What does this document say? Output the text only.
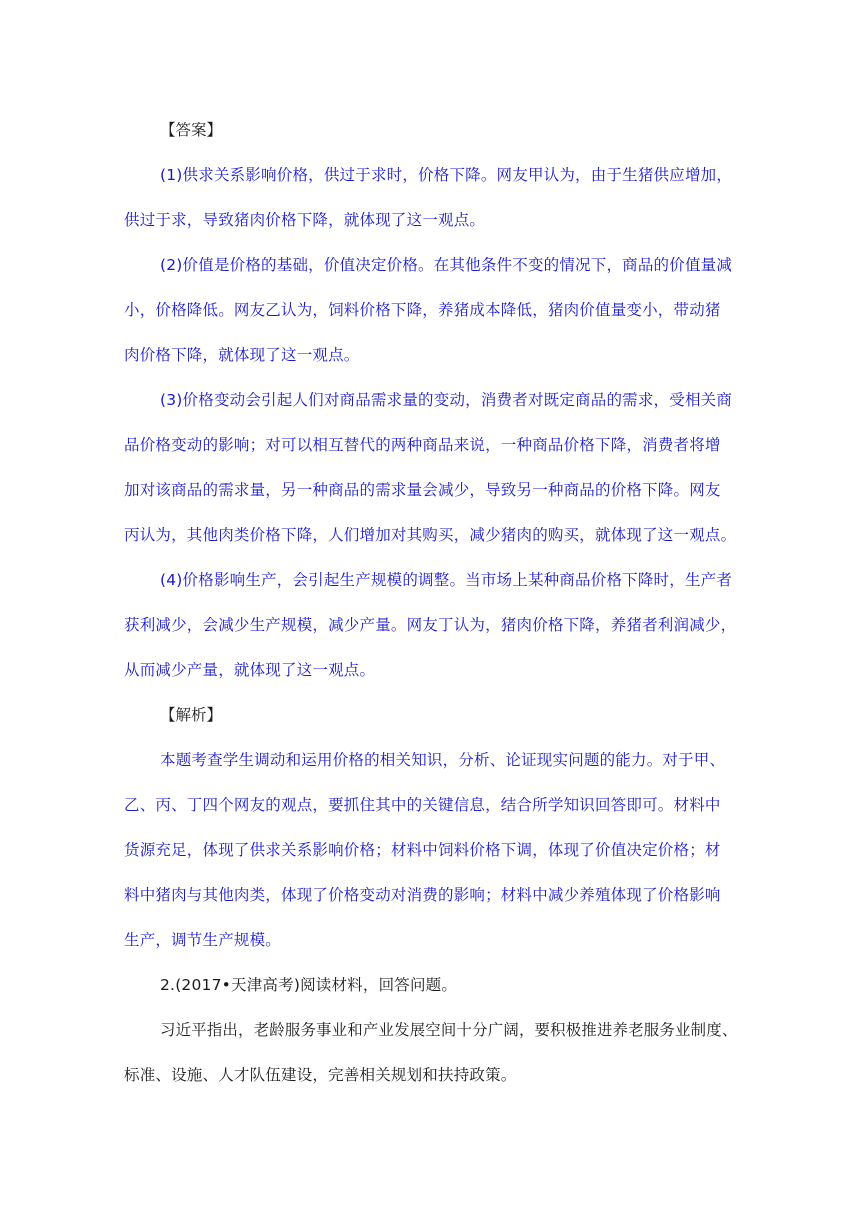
【答案】
(1)供求关系影响价格，供过于求时，价格下降。网友甲认为，由于生猪供应增加，
供过于求，导致猪肉价格下降，就体现了这一观点。
(2)价值是价格的基础，价值决定价格。在其他条件不变的情况下，商品的价值量减
小，价格降低。网友乙认为，饲料价格下降，养猪成本降低，猪肉价值量变小，带动猪
肉价格下降，就体现了这一观点。
(3)价格变动会引起人们对商品需求量的变动，消费者对既定商品的需求，受相关商
品价格变动的影响；对可以相互替代的两种商品来说，一种商品价格下降，消费者将增
加对该商品的需求量，另一种商品的需求量会减少，导致另一种商品的价格下降。网友
丙认为，其他肉类价格下降，人们增加对其购买，减少猪肉的购买，就体现了这一观点。
(4)价格影响生产，会引起生产规模的调整。当市场上某种商品价格下降时，生产者
获利减少，会减少生产规模，减少产量。网友丁认为，猪肉价格下降，养猪者利润减少，
从而减少产量，就体现了这一观点。
【解析】
本题考查学生调动和运用价格的相关知识，分析、论证现实问题的能力。对于甲、
乙、丙、丁四个网友的观点，要抓住其中的关键信息，结合所学知识回答即可。材料中
货源充足，体现了供求关系影响价格；材料中饲料价格下调，体现了价值决定价格；材
料中猪肉与其他肉类，体现了价格变动对消费的影响；材料中减少养殖体现了价格影响
生产，调节生产规模。
2.(2017•天津高考)阅读材料，回答问题。
习近平指出，老龄服务事业和产业发展空间十分广阔，要积极推进养老服务业制度、
标准、设施、人才队伍建设，完善相关规划和扶持政策。
